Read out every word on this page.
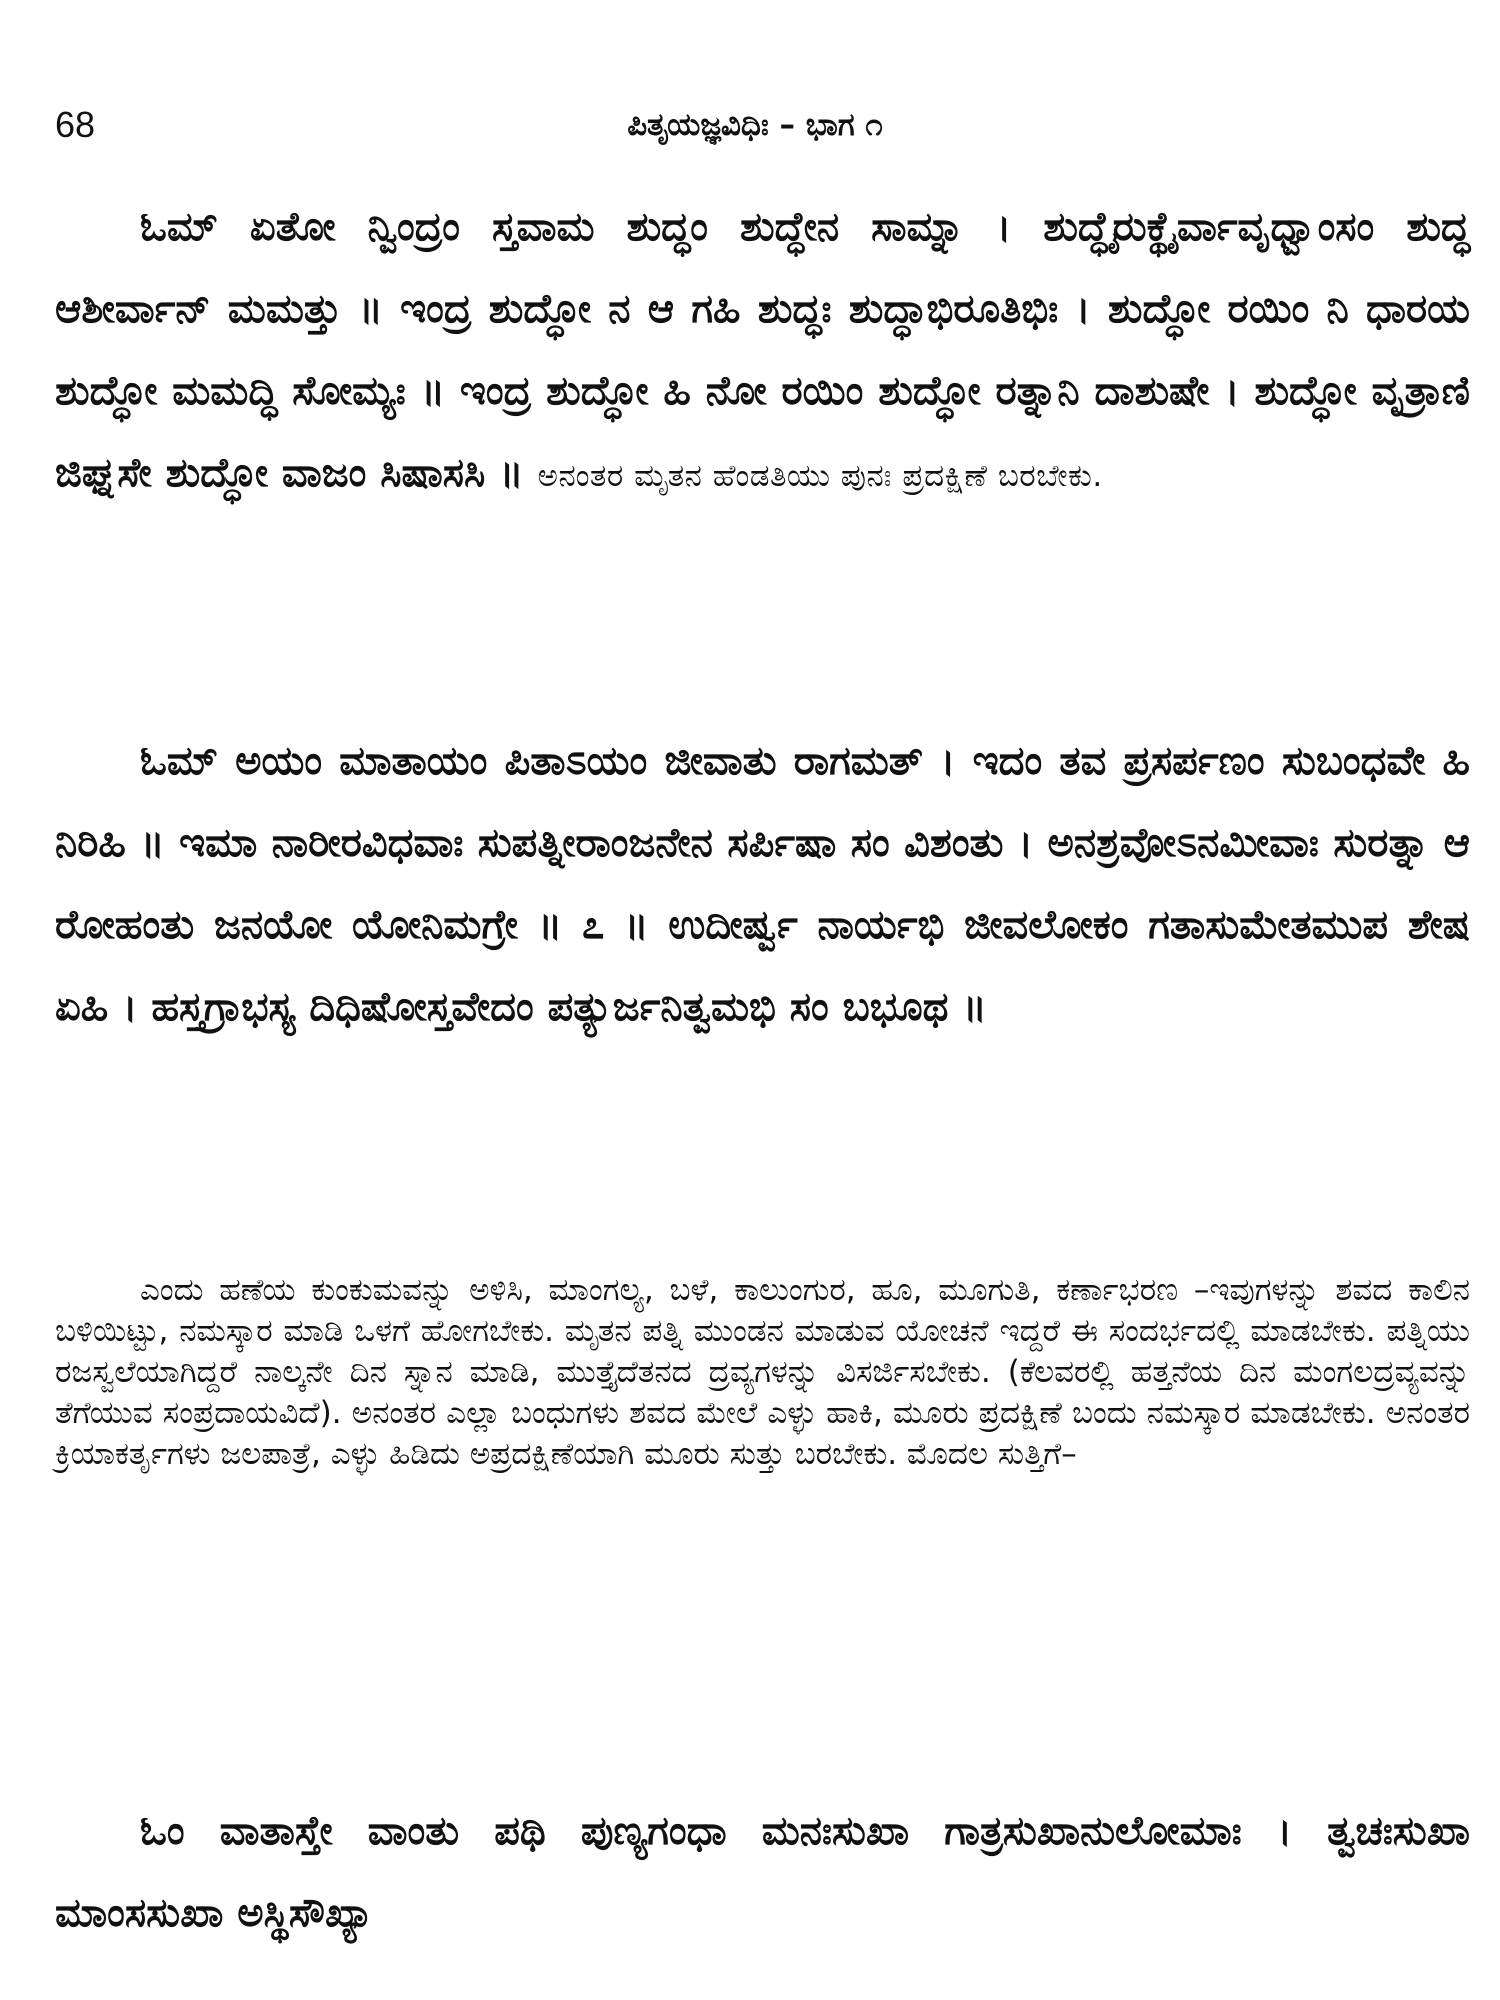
68	ಪಿತೃಯಜ್ಞವಿಧಿಃ – ಭಾಗ ೧

ಓಮ್ ಏತೋ ನ್ವಿಂದ್ರಂ ಸ್ತವಾಮ ಶುದ್ಧಂ ಶುದ್ಧೇನ ಸಾಮ್ನಾ । ಶುದ್ಧೈರುಕ್ಥೈರ್ವಾವೃಧ್ವಾಂಸಂ ಶುದ್ಧ ಆಶೀರ್ವಾನ್ ಮಮತ್ತು ॥ ಇಂದ್ರ ಶುದ್ಧೋ ನ ಆ ಗಹಿ ಶುದ್ಧಃ ಶುದ್ಧಾಭಿರೂತಿಭಿಃ । ಶುದ್ಧೋ ರಯಿಂ ನಿ ಧಾರಯ ಶುದ್ಧೋ ಮಮದ್ಧಿ ಸೋಮ್ಯಃ ॥ ಇಂದ್ರ ಶುದ್ಧೋ ಹಿ ನೋ ರಯಿಂ ಶುದ್ಧೋ ರತ್ನಾನಿ ದಾಶುಷೇ । ಶುದ್ಧೋ ವೃತ್ರಾಣಿ ಜಿಘ್ನಸೇ ಶುದ್ಧೋ ವಾಜಂ ಸಿಷಾಸಸಿ ॥ ಅನಂತರ ಮೃತನ ಹೆಂಡತಿಯು ಪುನಃ ಪ್ರದಕ್ಷಿಣೆ ಬರಬೇಕು.

ಓಮ್ ಅಯಂ ಮಾತಾಯಂ ಪಿತಾಽಯಂ ಜೀವಾತು ರಾಗಮತ್ । ಇದಂ ತವ ಪ್ರಸರ್ಪಣಂ ಸುಬಂಧವೇ ಹಿ ನಿರಿಹಿ ॥ ಇಮಾ ನಾರೀರವಿಧವಾಃ ಸುಪತ್ನೀರಾಂಜನೇನ ಸರ್ಪಿಷಾ ಸಂ ವಿಶಂತು । ಅನಶ್ರವೋಽನಮೀವಾಃ ಸುರತ್ನಾ ಆ ರೋಹಂತು ಜನಯೋ ಯೋನಿಮಗ್ರೇ ॥ ೭ ॥ ಉದೀರ್ಷ್ವ ನಾರ್ಯಭಿ ಜೀವಲೋಕಂ ಗತಾಸುಮೇತಮುಪ ಶೇಷ ಏಹಿ । ಹಸ್ತಗ್ರಾಭಸ್ಯ ದಿಧಿಷೋಸ್ತವೇದಂ ಪತ್ಯುರ್ಜನಿತ್ವಮಭಿ ಸಂ ಬಭೂಥ ॥

ಎಂದು ಹಣೆಯ ಕುಂಕುಮವನ್ನು ಅಳಿಸಿ, ಮಾಂಗಲ್ಯ, ಬಳೆ, ಕಾಲುಂಗುರ, ಹೂ, ಮೂಗುತಿ, ಕರ್ಣಾಭರಣ –ಇವುಗಳನ್ನು ಶವದ ಕಾಲಿನ ಬಳಿಯಿಟ್ಟು, ನಮಸ್ಕಾರ ಮಾಡಿ ಒಳಗೆ ಹೋಗಬೇಕು. ಮೃತನ ಪತ್ನಿ ಮುಂಡನ ಮಾಡುವ ಯೋಚನೆ ಇದ್ದರೆ ಈ ಸಂದರ್ಭದಲ್ಲಿ ಮಾಡಬೇಕು. ಪತ್ನಿಯು ರಜಸ್ವಲೆಯಾಗಿದ್ದರೆ ನಾಲ್ಕನೇ ದಿನ ಸ್ನಾನ ಮಾಡಿ, ಮುತ್ತೈದೆತನದ ದ್ರವ್ಯಗಳನ್ನು ವಿಸರ್ಜಿಸಬೇಕು. (ಕೆಲವರಲ್ಲಿ ಹತ್ತನೆಯ ದಿನ ಮಂಗಲದ್ರವ್ಯವನ್ನು ತೆಗೆಯುವ ಸಂಪ್ರದಾಯವಿದೆ). ಅನಂತರ ಎಲ್ಲಾ ಬಂಧುಗಳು ಶವದ ಮೇಲೆ ಎಳ್ಳು ಹಾಕಿ, ಮೂರು ಪ್ರದಕ್ಷಿಣೆ ಬಂದು ನಮಸ್ಕಾರ ಮಾಡಬೇಕು. ಅನಂತರ ಕ್ರಿಯಾಕರ್ತೃಗಳು ಜಲಪಾತ್ರೆ, ಎಳ್ಳು ಹಿಡಿದು ಅಪ್ರದಕ್ಷಿಣೆಯಾಗಿ ಮೂರು ಸುತ್ತು ಬರಬೇಕು. ಮೊದಲ ಸುತ್ತಿಗೆ–

ಓಂ ವಾತಾಸ್ತೇ ವಾಂತು ಪಥಿ ಪುಣ್ಯಗಂಧಾ ಮನಃಸುಖಾ ಗಾತ್ರಸುಖಾನುಲೋಮಾಃ । ತ್ವಚಃಸುಖಾ ಮಾಂಸಸುಖಾ ಅಸ್ಥಿಸೌಖ್ಯಾ
